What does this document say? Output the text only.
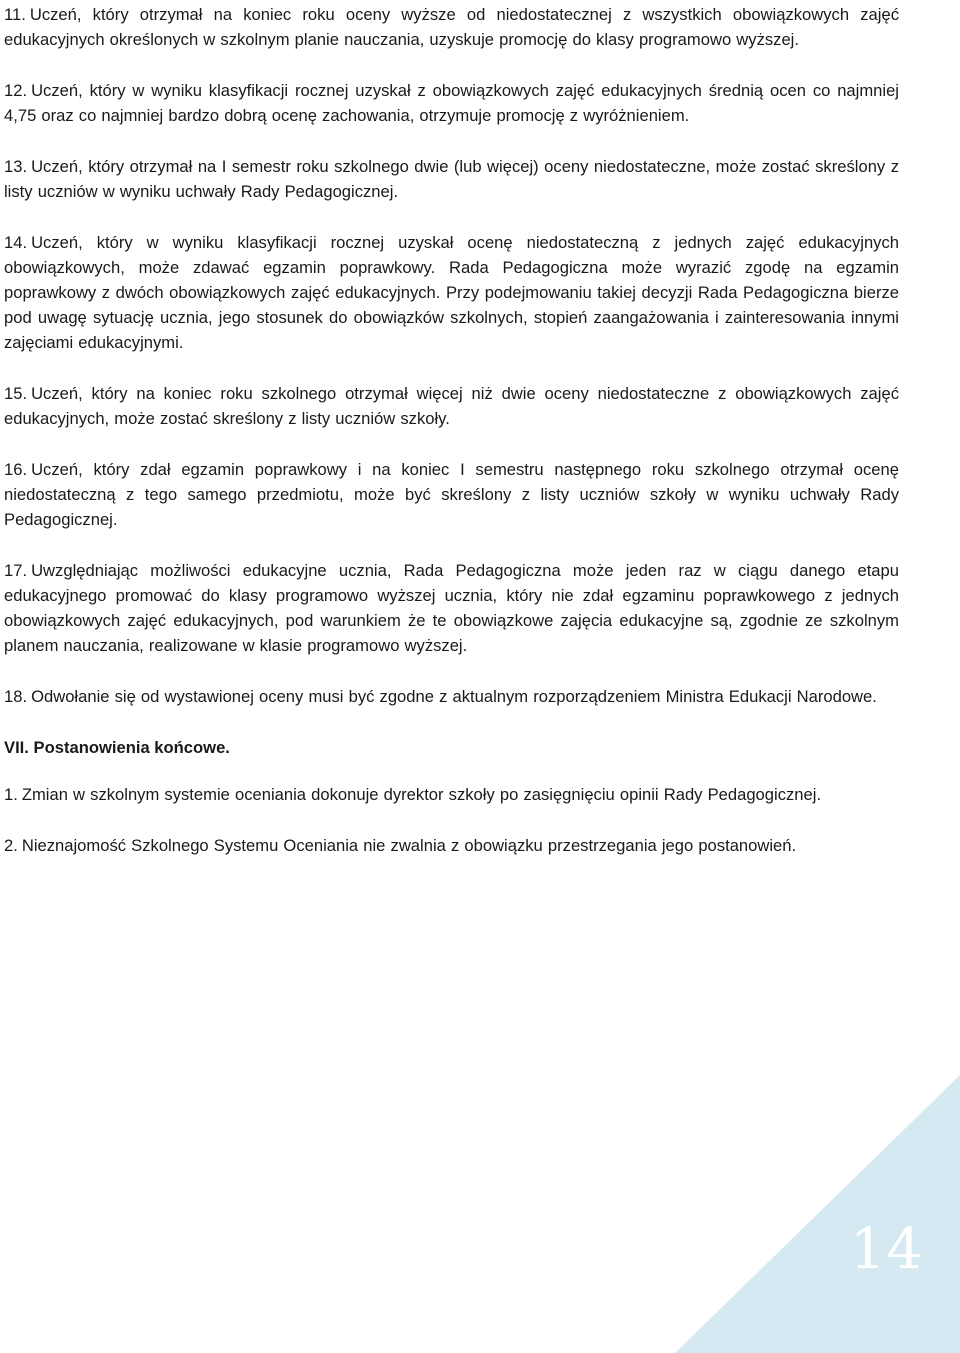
11. Uczeń, który otrzymał na koniec roku oceny wyższe od niedostatecznej z wszystkich obowiązkowych zajęć edukacyjnych określonych w szkolnym planie nauczania, uzyskuje promocję do klasy programowo wyższej.

12. Uczeń, który w wyniku klasyfikacji rocznej uzyskał z obowiązkowych zajęć edukacyjnych średnią ocen co najmniej 4,75 oraz co najmniej bardzo dobrą ocenę zachowania, otrzymuje promocję z wyróżnieniem.

13. Uczeń, który otrzymał na I semestr roku szkolnego dwie (lub więcej) oceny niedostateczne, może zostać skreślony z listy uczniów w wyniku uchwały Rady Pedagogicznej.

14. Uczeń, który w wyniku klasyfikacji rocznej uzyskał ocenę niedostateczną z jednych zajęć edukacyjnych obowiązkowych, może zdawać egzamin poprawkowy. Rada Pedagogiczna może wyrazić zgodę na egzamin poprawkowy z dwóch obowiązkowych zajęć edukacyjnych. Przy podejmowaniu takiej decyzji Rada Pedagogiczna bierze pod uwagę sytuację ucznia, jego stosunek do obowiązków szkolnych, stopień zaangażowania i zainteresowania innymi zajęciami edukacyjnymi.

15. Uczeń, który na koniec roku szkolnego otrzymał więcej niż dwie oceny niedostateczne z obowiązkowych zajęć edukacyjnych, może zostać skreślony z listy uczniów szkoły.

16. Uczeń, który zdał egzamin poprawkowy i na koniec I semestru następnego roku szkolnego otrzymał ocenę niedostateczną z tego samego przedmiotu, może być skreślony z listy uczniów szkoły w wyniku uchwały Rady Pedagogicznej.

17. Uwzględniając możliwości edukacyjne ucznia, Rada Pedagogiczna może jeden raz w ciągu danego etapu edukacyjnego promować do klasy programowo wyższej ucznia, który nie zdał egzaminu poprawkowego z jednych obowiązkowych zajęć edukacyjnych, pod warunkiem że te obowiązkowe zajęcia edukacyjne są, zgodnie ze szkolnym planem nauczania, realizowane w klasie programowo wyższej.

18. Odwołanie się od wystawionej oceny musi być zgodne z aktualnym rozporządzeniem Ministra Edukacji Narodowe.

VII. Postanowienia końcowe.

1. Zmian w szkolnym systemie oceniania dokonuje dyrektor szkoły po zasięgnięciu opinii Rady Pedagogicznej.

2. Nieznajomość Szkolnego Systemu Oceniania nie zwalnia z obowiązku przestrzegania jego postanowień.

14
